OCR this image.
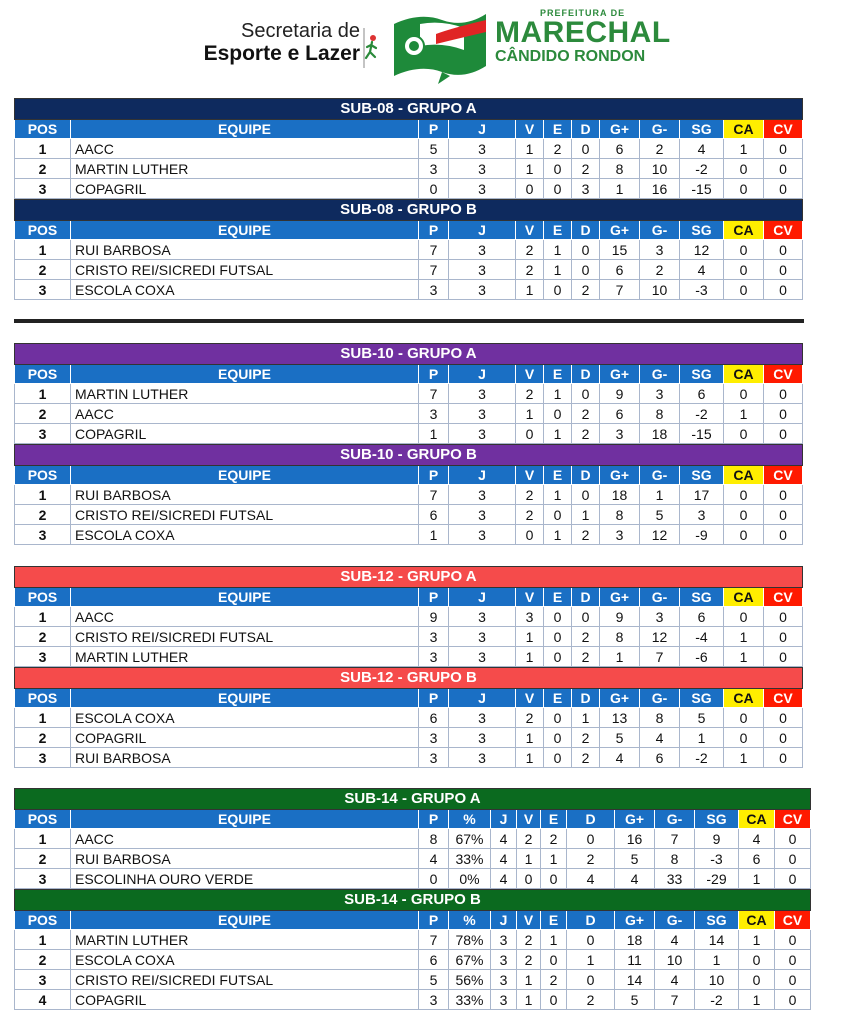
Secretaria de
Esporte e Lazer
PREFEITURA DE
MARECHAL
CÂNDIDO RONDON
SUB-08 - GRUPO A											
POS	EQUIPE	P	J	V	E	D	G+	G-	SG	CA	CV
1	AACC	5	3	1	2	0	6	2	4	1	0
2	MARTIN LUTHER	3	3	1	0	2	8	10	-2	0	0
3	COPAGRIL	0	3	0	0	3	1	16	-15	0	0
SUB-08 - GRUPO B											
POS	EQUIPE	P	J	V	E	D	G+	G-	SG	CA	CV
1	RUI BARBOSA	7	3	2	1	0	15	3	12	0	0
2	CRISTO REI/SICREDI FUTSAL	7	3	2	1	0	6	2	4	0	0
3	ESCOLA COXA	3	3	1	0	2	7	10	-3	0	0
SUB-10 - GRUPO A											
POS	EQUIPE	P	J	V	E	D	G+	G-	SG	CA	CV
1	MARTIN LUTHER	7	3	2	1	0	9	3	6	0	0
2	AACC	3	3	1	0	2	6	8	-2	1	0
3	COPAGRIL	1	3	0	1	2	3	18	-15	0	0
SUB-10 - GRUPO B											
POS	EQUIPE	P	J	V	E	D	G+	G-	SG	CA	CV
1	RUI BARBOSA	7	3	2	1	0	18	1	17	0	0
2	CRISTO REI/SICREDI FUTSAL	6	3	2	0	1	8	5	3	0	0
3	ESCOLA COXA	1	3	0	1	2	3	12	-9	0	0
SUB-12 - GRUPO A											
POS	EQUIPE	P	J	V	E	D	G+	G-	SG	CA	CV
1	AACC	9	3	3	0	0	9	3	6	0	0
2	CRISTO REI/SICREDI FUTSAL	3	3	1	0	2	8	12	-4	1	0
3	MARTIN LUTHER	3	3	1	0	2	1	7	-6	1	0
SUB-12 - GRUPO B											
POS	EQUIPE	P	J	V	E	D	G+	G-	SG	CA	CV
1	ESCOLA COXA	6	3	2	0	1	13	8	5	0	0
2	COPAGRIL	3	3	1	0	2	5	4	1	0	0
3	RUI BARBOSA	3	3	1	0	2	4	6	-2	1	0
SUB-14 - GRUPO A												
POS	EQUIPE	P	%	J	V	E	D	G+	G-	SG	CA	CV
1	AACC	8	67%	4	2	2	0	16	7	9	4	0
2	RUI BARBOSA	4	33%	4	1	1	2	5	8	-3	6	0
3	ESCOLINHA OURO VERDE	0	0%	4	0	0	4	4	33	-29	1	0
SUB-14 - GRUPO B												
POS	EQUIPE	P	%	J	V	E	D	G+	G-	SG	CA	CV
1	MARTIN LUTHER	7	78%	3	2	1	0	18	4	14	1	0
2	ESCOLA COXA	6	67%	3	2	0	1	11	10	1	0	0
3	CRISTO REI/SICREDI FUTSAL	5	56%	3	1	2	0	14	4	10	0	0
4	COPAGRIL	3	33%	3	1	0	2	5	7	-2	1	0
